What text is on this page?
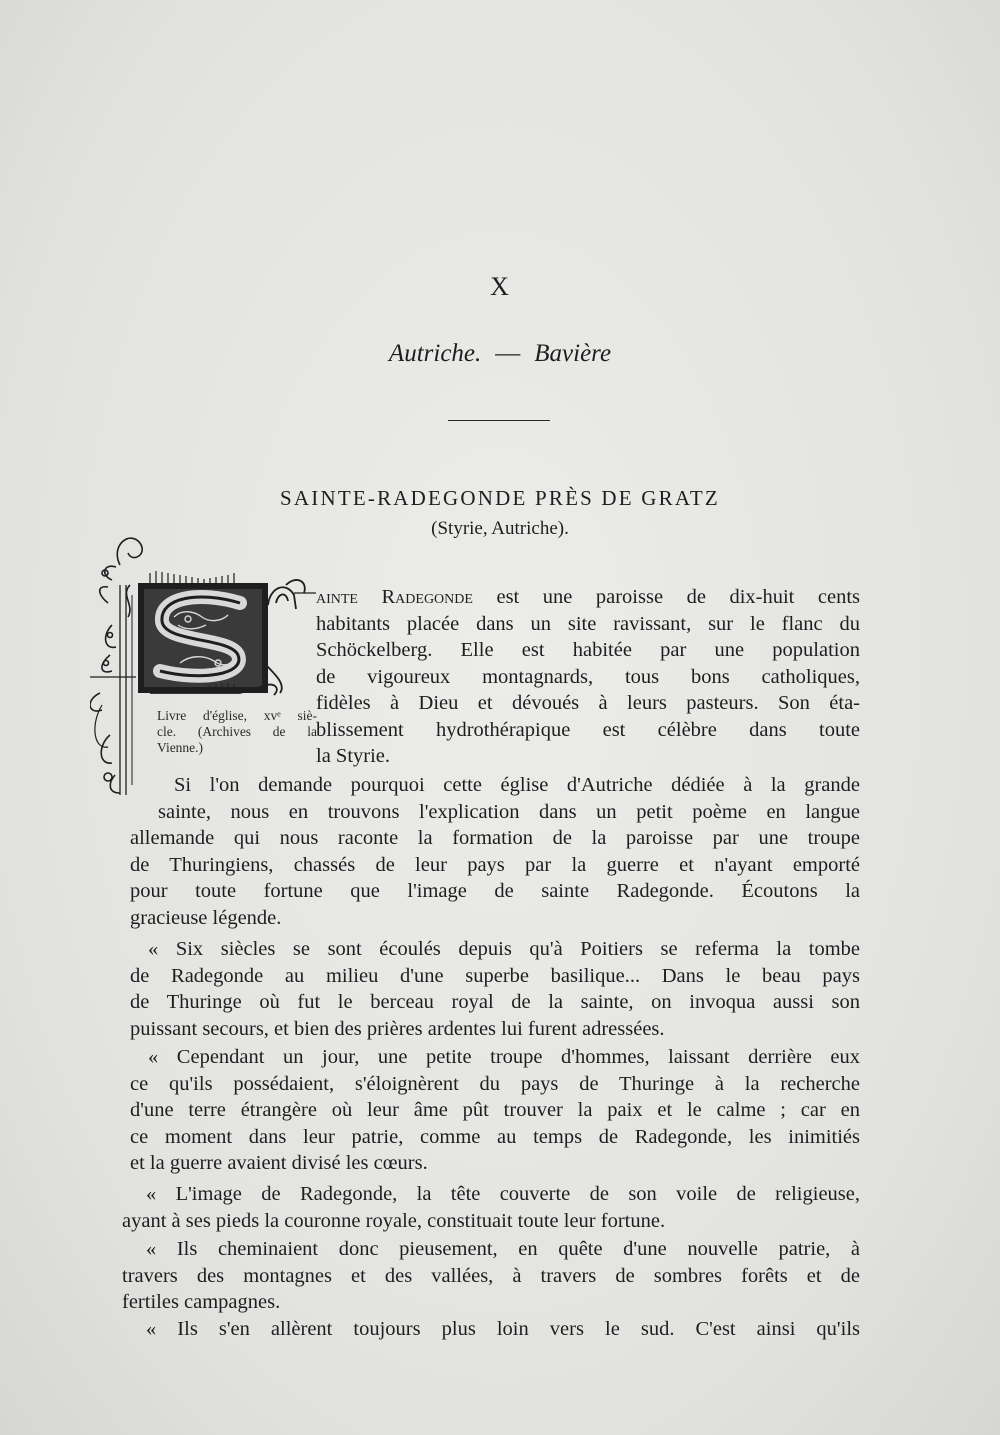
X
Autriche. — Bavière
SAINTE-RADEGONDE PRÈS DE GRATZ
(Styrie, Autriche).
Livre d'église, xvᵉ siè-
cle. (Archives de la
Vienne.)
ainte Radegonde est une paroisse de dix-huit cents
habitants placée dans un site ravissant, sur le flanc du
Schöckelberg. Elle est habitée par une population
de vigoureux montagnards, tous bons catholiques,
fidèles à Dieu et dévoués à leurs pasteurs. Son éta-
blissement hydrothérapique est célèbre dans toute
la Styrie.
Si l'on demande pourquoi cette église d'Autriche dédiée à la grande
sainte, nous en trouvons l'explication dans un petit poème en langue
allemande qui nous raconte la formation de la paroisse par une troupe
de Thuringiens, chassés de leur pays par la guerre et n'ayant emporté
pour toute fortune que l'image de sainte Radegonde. Écoutons la
gracieuse légende.
« Six siècles se sont écoulés depuis qu'à Poitiers se referma la tombe
de Radegonde au milieu d'une superbe basilique... Dans le beau pays
de Thuringe où fut le berceau royal de la sainte, on invoqua aussi son
puissant secours, et bien des prières ardentes lui furent adressées.
« Cependant un jour, une petite troupe d'hommes, laissant derrière eux
ce qu'ils possédaient, s'éloignèrent du pays de Thuringe à la recherche
d'une terre étrangère où leur âme pût trouver la paix et le calme ; car en
ce moment dans leur patrie, comme au temps de Radegonde, les inimitiés
et la guerre avaient divisé les cœurs.
« L'image de Radegonde, la tête couverte de son voile de religieuse,
ayant à ses pieds la couronne royale, constituait toute leur fortune.
« Ils cheminaient donc pieusement, en quête d'une nouvelle patrie, à
travers des montagnes et des vallées, à travers de sombres forêts et de
fertiles campagnes.
« Ils s'en allèrent toujours plus loin vers le sud. C'est ainsi qu'ils
